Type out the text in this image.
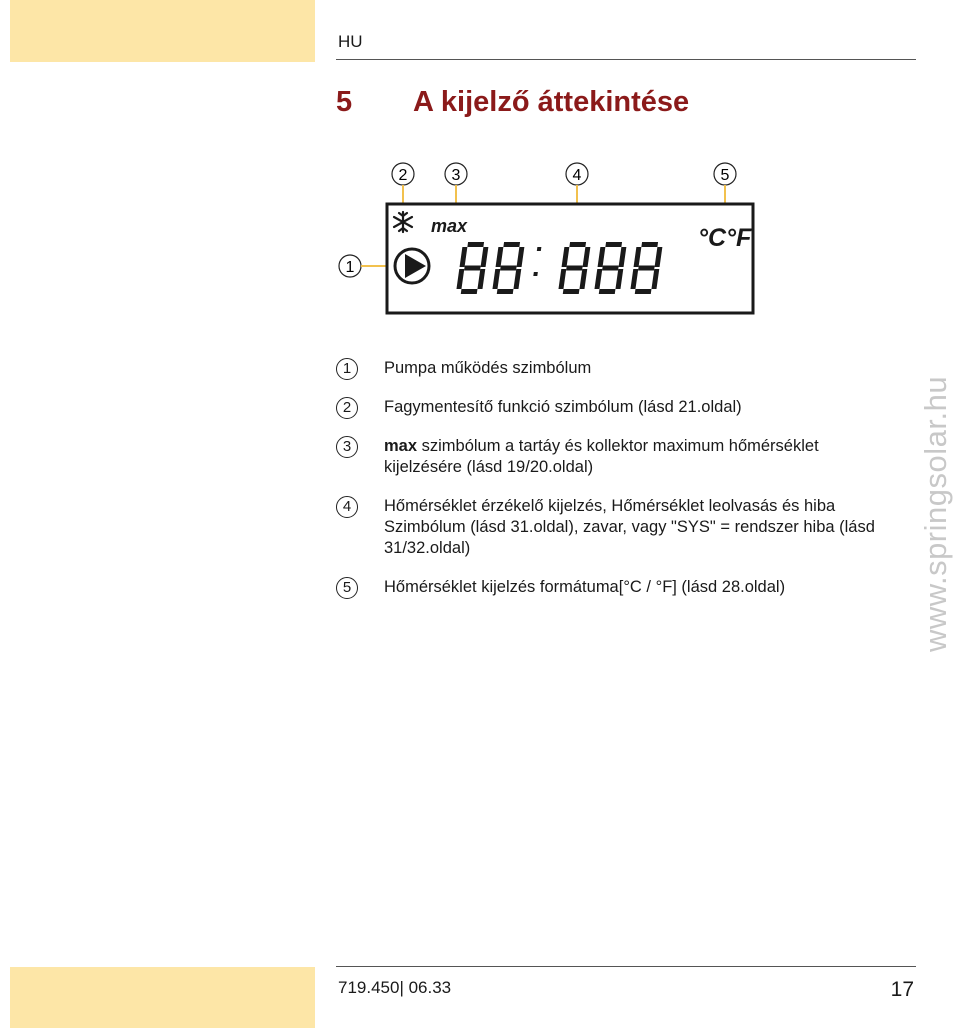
HU
5 A kijelző áttekintése
2	3	4	5
1
max	°C°F
1	Pumpa működés szimbólum
2	Fagymentesítő funkció szimbólum (lásd 21.oldal)
3	max szimbólum a tartáy és kollektor maximum hőmérséklet kijelzésére (lásd 19/20.oldal)
4	Hőmérséklet érzékelő kijelzés, Hőmérséklet leolvasás és hiba Szimbólum (lásd 31.oldal), zavar, vagy "SYS" = rendszer hiba (lásd 31/32.oldal)
5	Hőmérséklet kijelzés formátuma[°C / °F] (lásd 28.oldal)	www.springsolar.hu
719.450| 06.33	17
